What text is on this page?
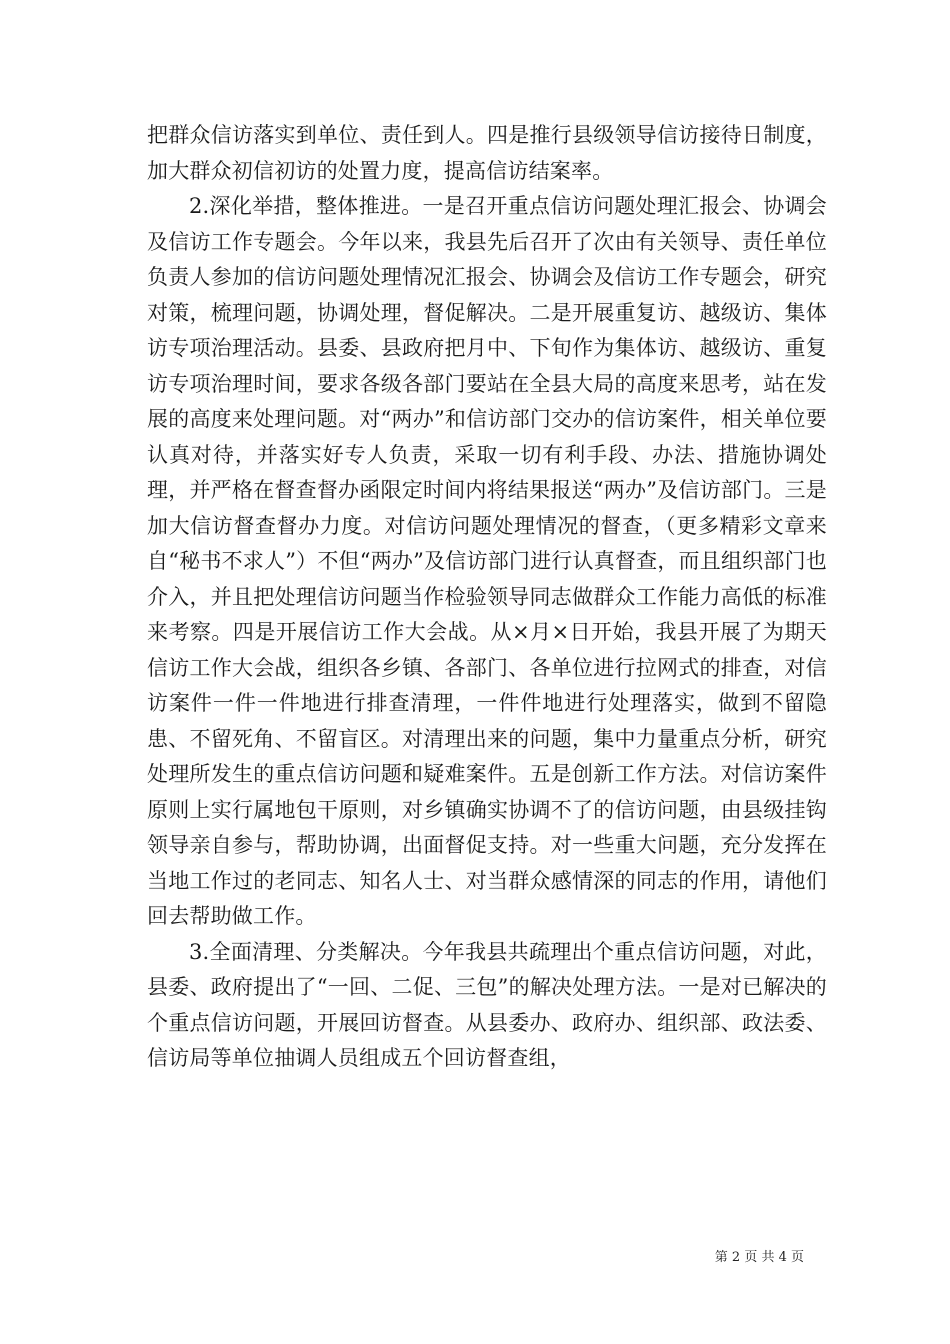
把群众信访落实到单位、责任到人。四是推行县级领导信访接待日制度，加大群众初信初访的处置力度，提高信访结案率。

2.深化举措，整体推进。一是召开重点信访问题处理汇报会、协调会及信访工作专题会。今年以来，我县先后召开了次由有关领导、责任单位负责人参加的信访问题处理情况汇报会、协调会及信访工作专题会，研究对策，梳理问题，协调处理，督促解决。二是开展重复访、越级访、集体访专项治理活动。县委、县政府把月中、下旬作为集体访、越级访、重复访专项治理时间，要求各级各部门要站在全县大局的高度来思考，站在发展的高度来处理问题。对“两办”和信访部门交办的信访案件，相关单位要认真对待，并落实好专人负责，采取一切有利手段、办法、措施协调处理，并严格在督查督办函限定时间内将结果报送“两办”及信访部门。三是加大信访督查督办力度。对信访问题处理情况的督查，（更多精彩文章来自“秘书不求人”）不但“两办”及信访部门进行认真督查，而且组织部门也介入，并且把处理信访问题当作检验领导同志做群众工作能力高低的标准来考察。四是开展信访工作大会战。从×月×日开始，我县开展了为期天信访工作大会战，组织各乡镇、各部门、各单位进行拉网式的排查，对信访案件一件一件地进行排查清理，一件件地进行处理落实，做到不留隐患、不留死角、不留盲区。对清理出来的问题，集中力量重点分析，研究处理所发生的重点信访问题和疑难案件。五是创新工作方法。对信访案件原则上实行属地包干原则，对乡镇确实协调不了的信访问题，由县级挂钩领导亲自参与，帮助协调，出面督促支持。对一些重大问题，充分发挥在当地工作过的老同志、知名人士、对当群众感情深的同志的作用，请他们回去帮助做工作。

3.全面清理、分类解决。今年我县共疏理出个重点信访问题，对此，县委、政府提出了“一回、二促、三包”的解决处理方法。一是对已解决的个重点信访问题，开展回访督查。从县委办、政府办、组织部、政法委、信访局等单位抽调人员组成五个回访督查组，

第 2 页 共 4 页
